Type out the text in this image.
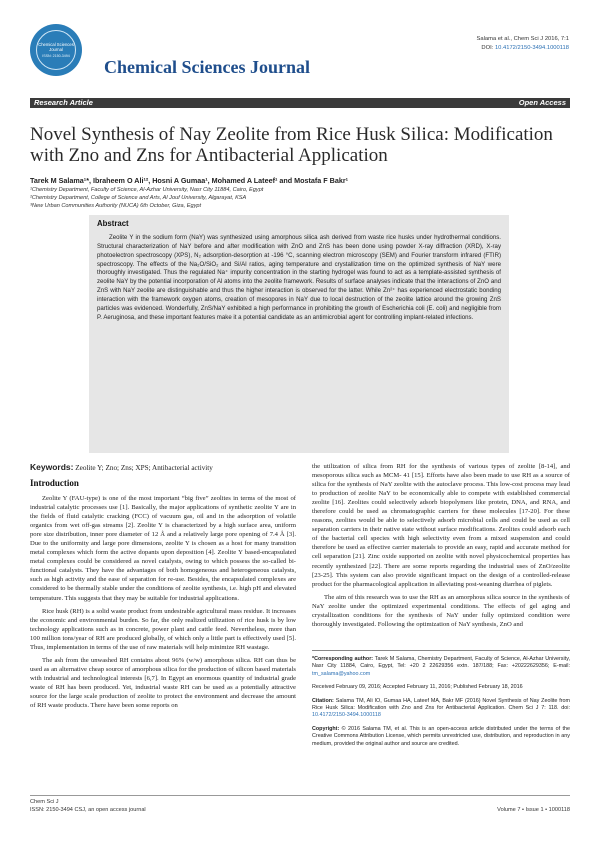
Chemical Sciences Journal
ISSN: 2150-3494
Chemical Sciences Journal
Salama et al., Chem Sci J 2016, 7:1
DOI: 10.4172/2150-3494.1000118
Research Article	Open Access
Novel Synthesis of Nay Zeolite from Rice Husk Silica: Modification with Zno and Zns for Antibacterial Application
Tarek M Salama¹*, Ibraheem O Ali¹², Hosni A Gumaa¹, Mohamed A Lateef¹ and Mostafa F Bakr¹
¹Chemistry Department, Faculty of Science, Al-Azhar University, Nasr City 11884, Cairo, Egypt
²Chemistry Department, College of Science and Arts, Al Jouf University, Algarayat, KSA
³New Urban Communities Authority (NUCA) 6th October, Giza, Egypt

Abstract

Zeolite Y in the sodium form (NaY) was synthesized using amorphous silica ash derived from waste rice husks under hydrothermal conditions. Structural characterization of NaY before and after modification with ZnO and ZnS has been done using powder X-ray diffraction (XRD), X-ray photoelectron spectroscopy (XPS), N₂ adsorption-desorption at -196 °C, scanning electron microscopy (SEM) and Fourier transform infrared (FTIR) spectroscopy. The effects of the Na₂O/SiO₂ and Si/Al ratios, aging temperature and crystallization time on the optimized synthesis of NaY were thoroughly investigated. Thus the regulated Na⁺ impurity concentration in the starting hydrogel was found to act as a template-assisted synthesis of zeolite NaY by the potential incorporation of Al atoms into the zeolite framework. Results of surface analyses indicate that the interactions of ZnO and ZnS with NaY zeolite are distinguishable and thus the higher interaction is observed for the latter. While Zn²⁺ has experienced electrostatic bonding interaction with the framework oxygen atoms, creation of mesopores in NaY due to local destruction of the zeolite lattice around the growing ZnS particles was evidenced. Wonderfully, ZnS/NaY exhibited a high performance in prohibiting the growth of Escherichia coli (E. coli) and negligible from P. Aeruginosa, and these important features make it a potential candidate as an antimicrobial agent for controlling implant-related infections.

Keywords: Zeolite Y; Zno; Zns; XPS; Antibacterial activity
Introduction

Zeolite Y (FAU-type) is one of the most important “big five” zeolites in terms of the most of industrial catalytic processes use [1]. Basically, the major applications of synthetic zeolite Y are in the fields of fluid catalytic cracking (FCC) of vacuum gas, oil and in the adsorption of volatile organics from wet off-gas streams [2]. Zeolite Y is characterized by a high surface area, uniform pore size distribution, inner pore diameter of 12 Å and a relatively large pore opening of 7.4 Å [3]. Due to the uniformity and large pore dimensions, zeolite Y is chosen as a host for many transition metal complexes which form the active dopants upon deposition [4]. Zeolite Y based-encapsulated metal complexes could be considered as novel catalysts, owing to which possess the so-called bi-functional catalysts. They have the advantages of both homogeneous and heterogeneous catalysts, such as high activity and the ease of separation for re-use. Besides, the encapsulated complexes are considered to be thermally stable under the conditions of zeolite synthesis, i.e. high pH and elevated temperature. This suggests that they may be suitable for industrial applications.

Rice husk (RH) is a solid waste product from undesirable agricultural mass residue. It increases the economic and environmental burden. So far, the only realized utilization of rice husk is by low technology applications such as in concrete, power plant and cattle feed. Nevertheless, more than 100 million tons/year of RH are produced globally, of which only a little part is effectively used [5]. Thus, implementation in terms of the use of raw materials will help minimize RH wastage.

The ash from the unwashed RH contains about 96% (w/w) amorphous silica. RH can thus be used as an alternative cheap source of amorphous silica for the production of silicon based materials with industrial and technological interests [6,7]. In Egypt an enormous quantity of industrial grade waste of RH has been produced. Yet, industrial waste RH can be used as a potentially attractive source for the large scale production of zeolite to protect the environment and decrease the amount of RH waste products. There have been some reports on

the utilization of silica from RH for the synthesis of various types of zeolite [8-14], and mesoporous silica such as MCM- 41 [15]. Efforts have also been made to use RH as a source of silica for the synthesis of NaY zeolite with the autoclave process. This low-cost process may lead to production of zeolite NaY to be economically able to compete with established commercial zeolite [16]. Zeolites could selectively adsorb biopolymers like protein, DNA, and RNA, and therefore could be used as chromatographic carriers for these molecules [17-20]. For these reasons, zeolites would be able to selectively adsorb microbial cells and could be used as cell separation carriers in their native state without surface modifications. Zeolites could adsorb each of the bacterial cell species with high selectivity even from a mixed suspension and could therefore be used as effective carrier materials to provide an easy, rapid and accurate method for cell separation [21]. Zinc oxide supported on zeolite with novel physicochemical properties has recently synthesized [22]. There are some reports regarding the industrial uses of ZnO/zeolite [23-25]. This system can also provide significant impact on the design of a controlled-release product for the pharmacological application in alleviating post-weaning diarrhea of piglets.

The aim of this research was to use the RH as an amorphous silica source in the synthesis of NaY zeolite under the optimized experimental conditions. The effects of gel aging and crystallization conditions for the synthesis of NaY under fully optimized condition were thoroughly investigated. Following the optimization of NaY synthesis, ZnO and

*Corresponding author: Tarek M Salama, Chemistry Department, Faculty of Science, Al-Azhar University, Nasr City 11884, Cairo, Egypt, Tel: +20 2 22629356 extn. 187/188; Fax: +20222629356; E-mail: tm_salama@yahoo.com

Received February 09, 2016; Accepted February 11, 2016; Published February 18, 2016

Citation: Salama TM, Ali IO, Gumaa HA, Lateef MA, Bakr MF (2016) Novel Synthesis of Nay Zeolite from Rice Husk Silica: Modification with Zno and Zns for Antibacterial Application. Chem Sci J 7: 118. doi: 10.4172/2150-3494.1000118

Copyright: © 2016 Salama TM, et al. This is an open-access article distributed under the terms of the Creative Commons Attribution License, which permits unrestricted use, distribution, and reproduction in any medium, provided the original author and source are credited.

Chem Sci J
ISSN: 2150-3494 CSJ, an open access journal	Volume 7 • Issue 1 • 1000118
